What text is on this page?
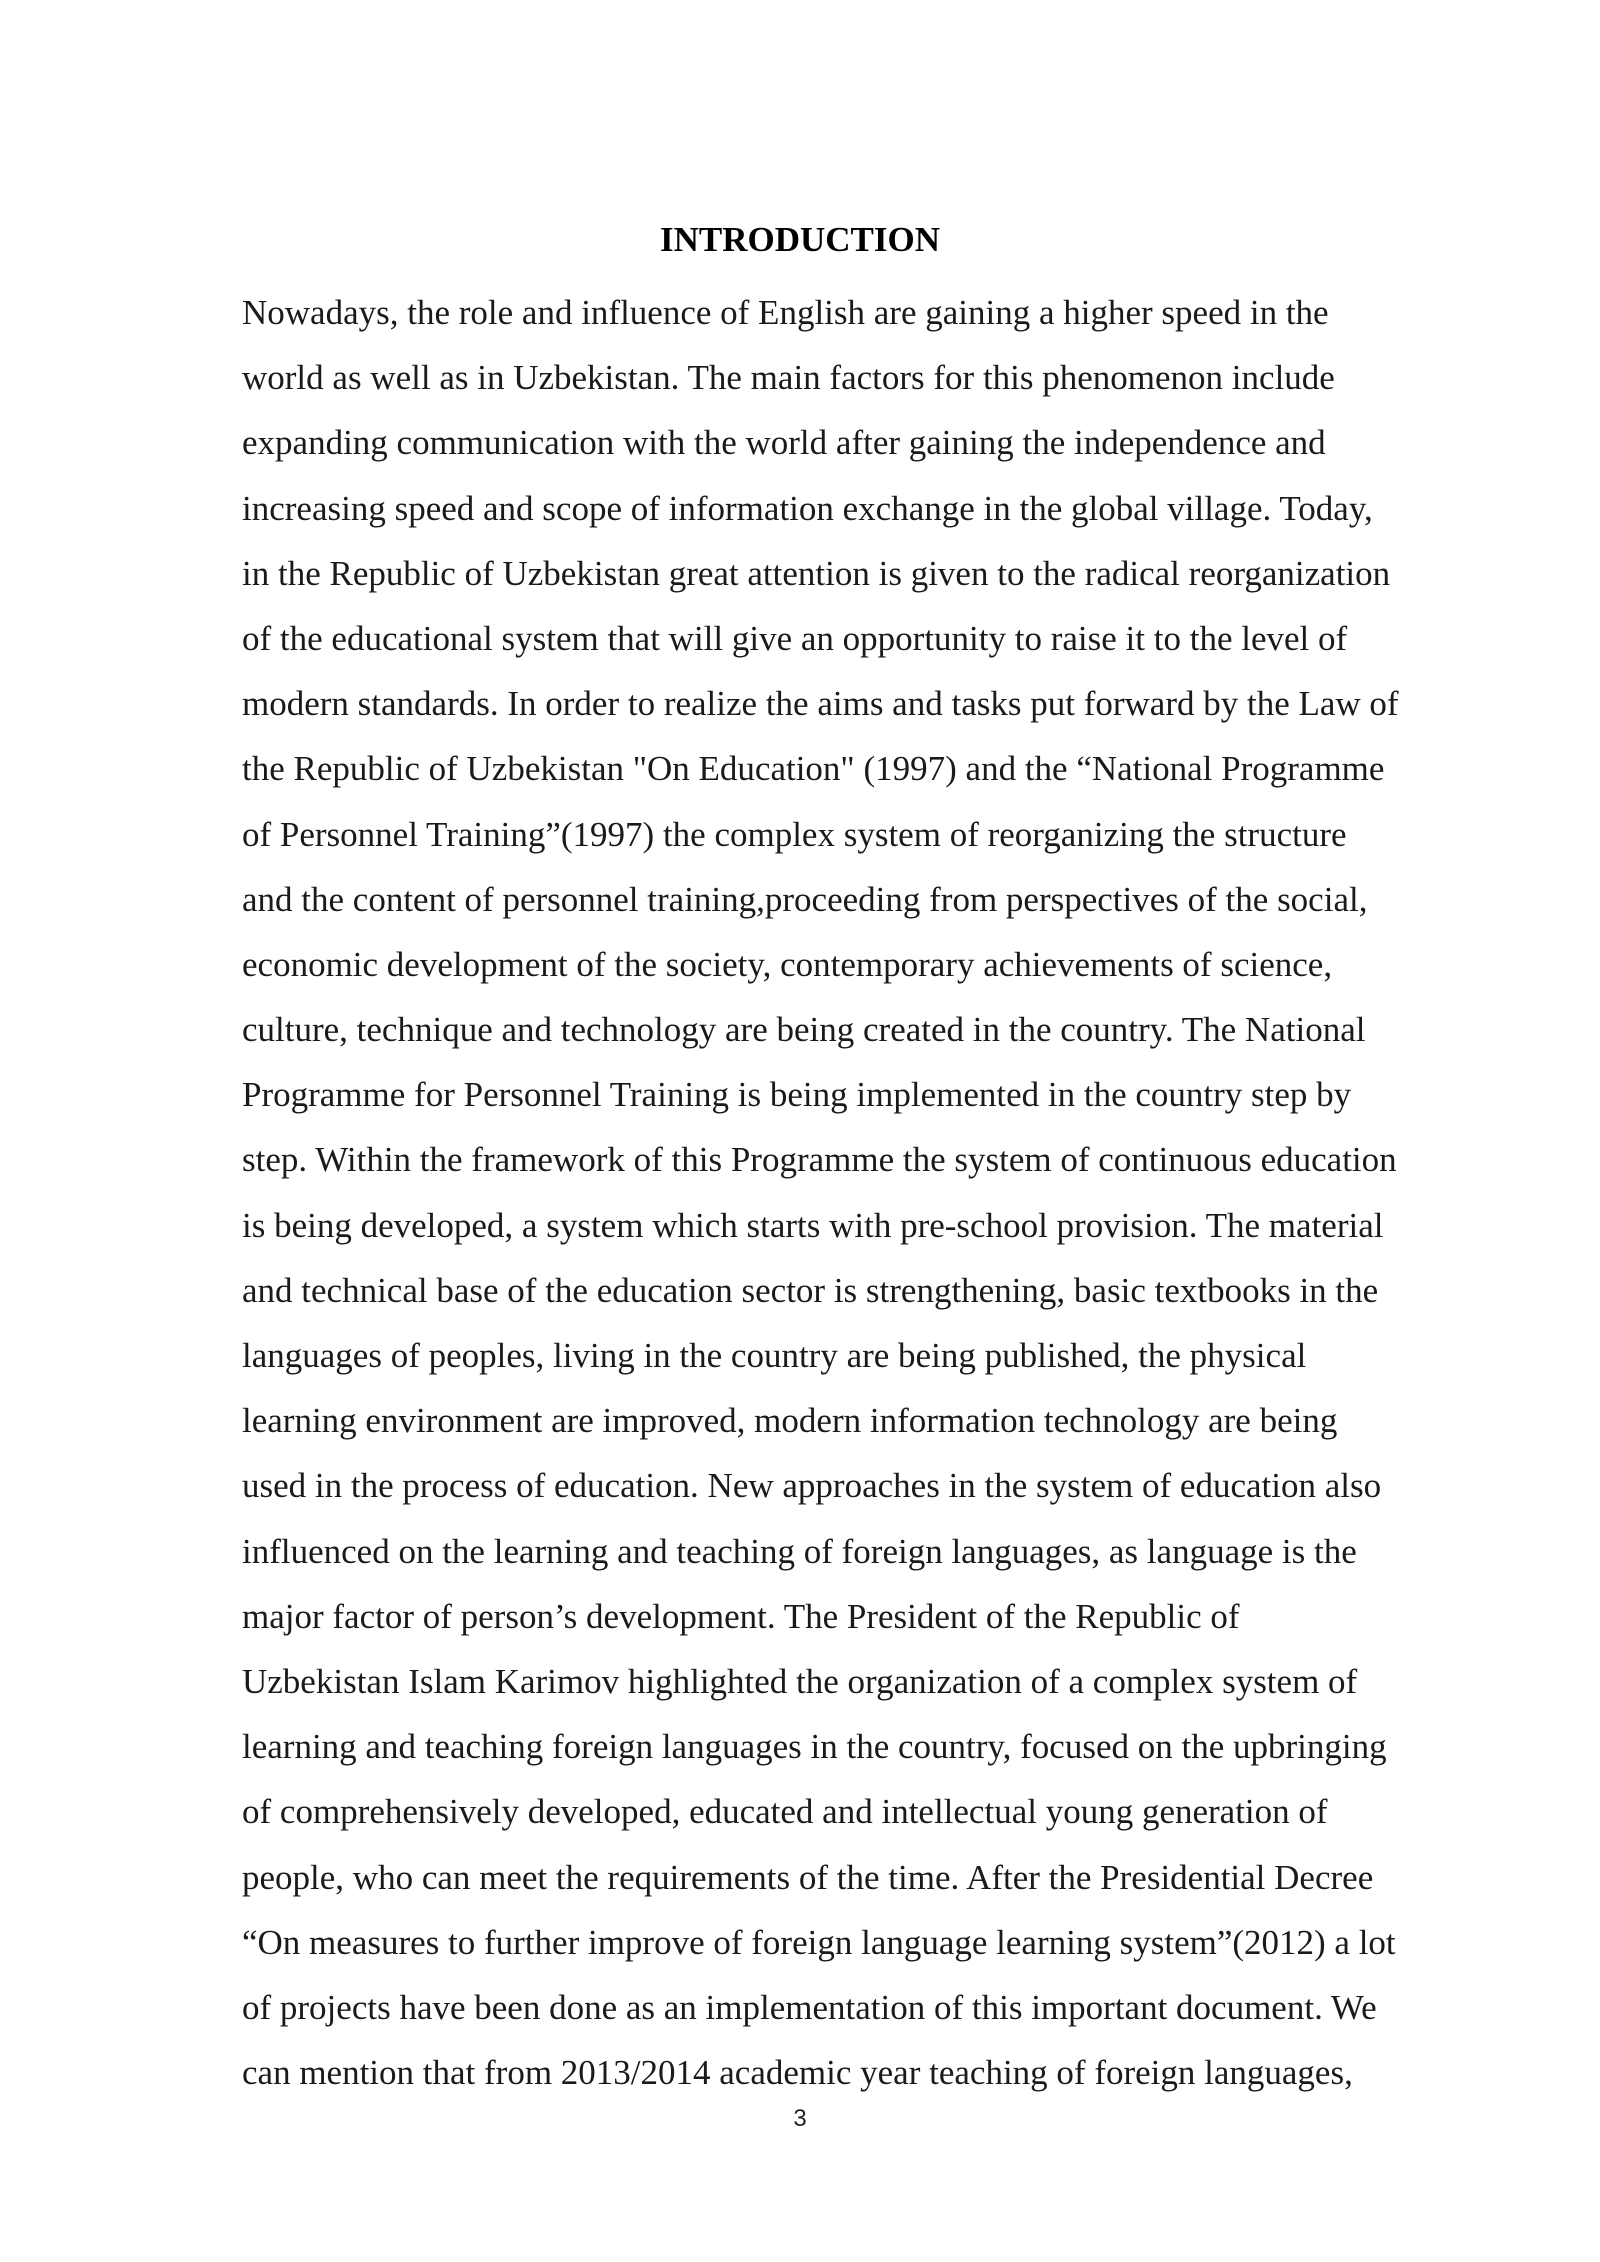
INTRODUCTION
Nowadays, the role and influence of English are gaining a higher speed in the
world as well as in Uzbekistan. The main factors for this phenomenon include
expanding communication with the world after gaining the independence and
increasing speed and scope of information exchange in the global village. Today,
in the Republic of Uzbekistan great attention is given to the radical reorganization
of the educational system that will give an opportunity to raise it to the level of
modern standards. In order to realize the aims and tasks put forward by the Law of
the Republic of Uzbekistan "On Education" (1997) and the “National Programme
of Personnel Training”(1997) the complex system of reorganizing the structure
and the content of personnel training,proceeding from perspectives of the social,
economic development of the society, contemporary achievements of science,
culture, technique and technology are being created in the country. The National
Programme for Personnel Training is being implemented in the country step by
step. Within the framework of this Programme the system of continuous education
is being developed, a system which starts with pre-school provision. The material
and technical base of the education sector is strengthening, basic textbooks in the
languages of peoples, living in the country are being published, the physical
learning environment are improved, modern information technology are being
used in the process of education. New approaches in the system of education also
influenced on the learning and teaching of foreign languages, as language is the
major factor of person’s development. The President of the Republic of
Uzbekistan Islam Karimov highlighted the organization of a complex system of
learning and teaching foreign languages in the country, focused on the upbringing
of comprehensively developed, educated and intellectual young generation of
people, who can meet the requirements of the time. After the Presidential Decree
“On measures to further improve of foreign language learning system”(2012) a lot
of projects have been done as an implementation of this important document. We
can mention that from 2013/2014 academic year teaching of foreign languages,
3
